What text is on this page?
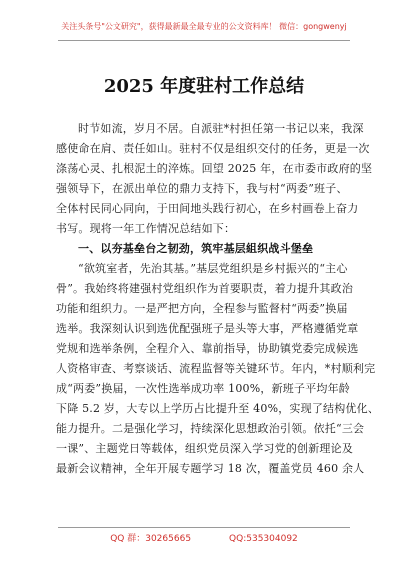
关注头条号"公文研究"，获得最新最全最专业的公文资料库！ 微信：gongwenyj
2025 年度驻村工作总结
时节如流，岁月不居。自派驻*村担任第一书记以来，我深
感使命在肩、责任如山。驻村不仅是组织交付的任务，更是一次
涤荡心灵、扎根泥土的淬炼。回望 2025 年，在市委市政府的坚
强领导下，在派出单位的鼎力支持下，我与村“两委”班子、
全体村民同心同向，于田间地头践行初心，在乡村画卷上奋力
书写。现将一年工作情况总结如下：
一、以夯基垒台之韧劲，筑牢基层組织战斗堡垒
“欲筑室者，先治其基。”基层党组织是乡村振兴的“主心
骨”。我始终将建强村党组织作为首要职责，着力提升其政治
功能和组织力。一是严把方向，全程参与監督村“两委”换届
选举。我深刻认识到选优配强班子是头等大事，严格遵循党章
党规和选举条例，全程介入、靠前指导，协助镇党委完成候选
人资格审查、考察谈话、流程监督等关键环节。年内，*村顺利完
成“两委”换届，一次性选举成功率 100%，新班子平均年龄
下降 5.2 岁，大专以上学历占比提升至 40%，实现了结构优化、
能力提升。二是强化学习，持续深化思想政治引领。依托“三会
一课”、主题党日等载体，组织党员深入学习党的创新理论及
最新会议精神，全年开展专题学习 18 次，覆盖党员 460 余人
QQ 群：30265665	QQ:535304092
